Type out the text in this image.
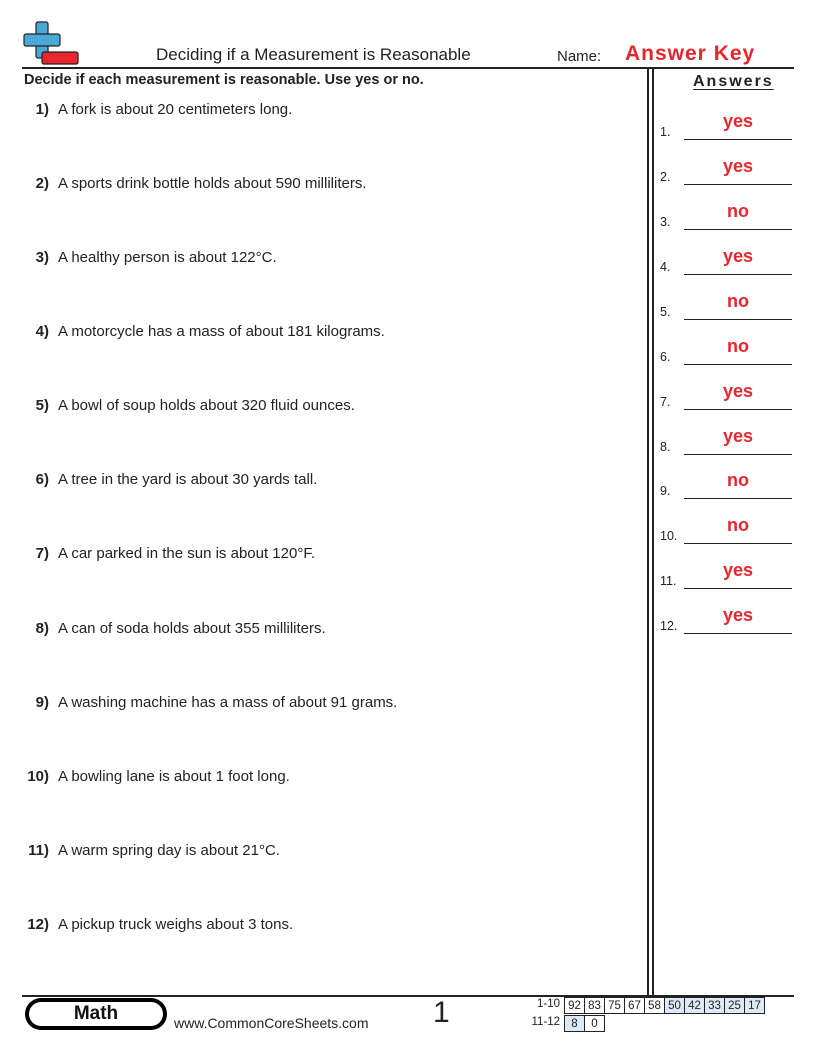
Deciding if a Measurement is Reasonable	Name: Answer Key
Decide if each measurement is reasonable. Use yes or no.	Answers
1) A fork is about 20 centimeters long.
2) A sports drink bottle holds about 590 milliliters.
3) A healthy person is about 122°C.
4) A motorcycle has a mass of about 181 kilograms.
5) A bowl of soup holds about 320 fluid ounces.
6) A tree in the yard is about 30 yards tall.
7) A car parked in the sun is about 120°F.
8) A can of soda holds about 355 milliliters.
9) A washing machine has a mass of about 91 grams.
10) A bowling lane is about 1 foot long.
11) A warm spring day is about 21°C.
12) A pickup truck weighs about 3 tons.
1.
yes
2.
yes
3.
no
4.
yes
5.
no
6.
no
7.
yes
8.
yes
9.
no
10.
no
11.
yes
12.
yes
Math	www.CommonCoreSheets.com 1	1-10 92	83	75	67	58	50	42	33	25	17
11-12 8	0
